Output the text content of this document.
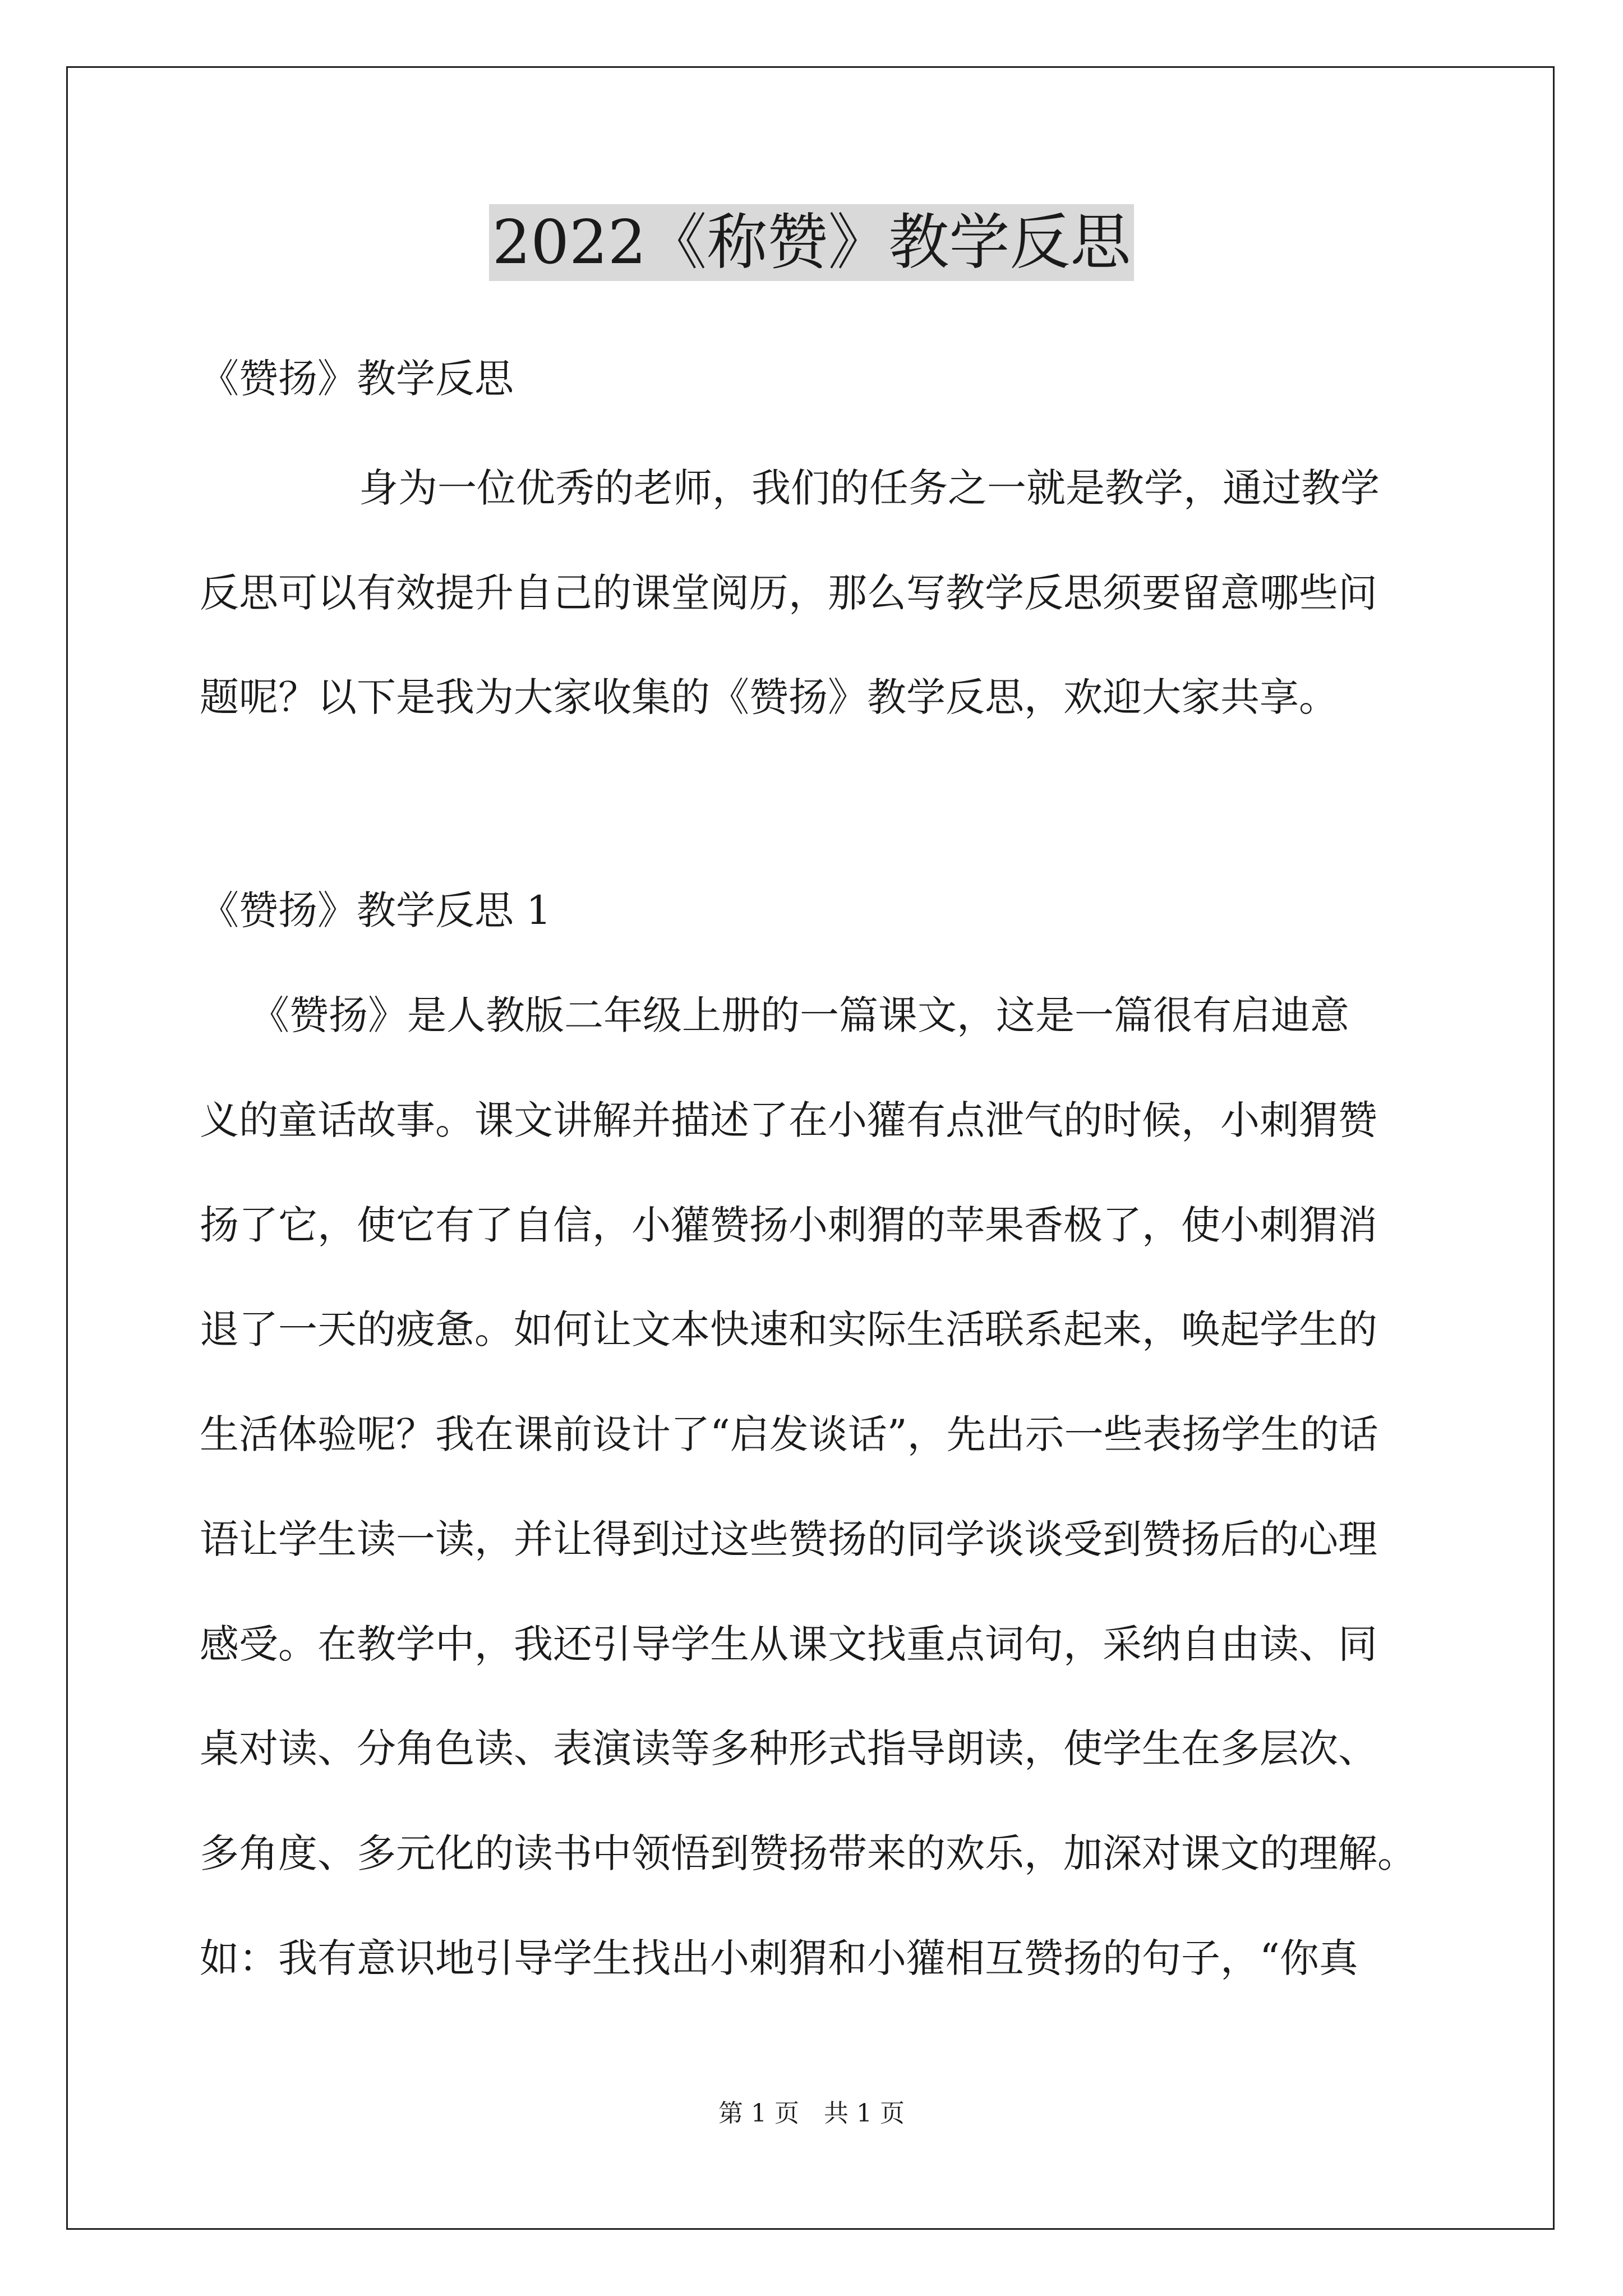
2022《称赞》教学反思
《赞扬》教学反思
身为一位优秀的老师，我们的任务之一就是教学，通过教学
反思可以有效提升自己的课堂阅历，那么写教学反思须要留意哪些问
题呢？以下是我为大家收集的《赞扬》教学反思，欢迎大家共享。
《赞扬》教学反思 1
《赞扬》是人教版二年级上册的一篇课文，这是一篇很有启迪意
义的童话故事。课文讲解并描述了在小獾有点泄气的时候，小刺猬赞
扬了它，使它有了自信，小獾赞扬小刺猬的苹果香极了，使小刺猬消
退了一天的疲惫。如何让文本快速和实际生活联系起来，唤起学生的
生活体验呢？我在课前设计了“启发谈话”，先出示一些表扬学生的话
语让学生读一读，并让得到过这些赞扬的同学谈谈受到赞扬后的心理
感受。在教学中，我还引导学生从课文找重点词句，采纳自由读、同
桌对读、分角色读、表演读等多种形式指导朗读，使学生在多层次、
多角度、多元化的读书中领悟到赞扬带来的欢乐，加深对课文的理解。
如：我有意识地引导学生找出小刺猬和小獾相互赞扬的句子，“你真
第 1 页　共 1 页
